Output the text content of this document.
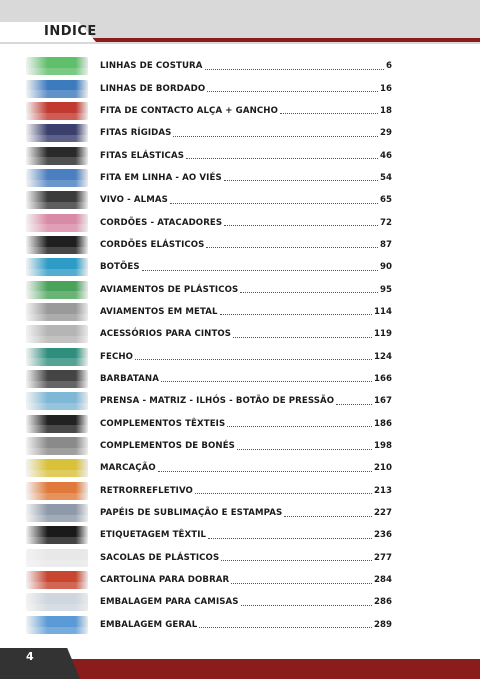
INDICE
LINHAS DE COSTURA	6
LINHAS DE BORDADO	16
FITA DE CONTACTO ALÇA + GANCHO	18
FITAS RÍGIDAS	29
FITAS ELÁSTICAS	46
FITA EM LINHA - AO VIÉS	54
VIVO - ALMAS	65
CORDÕES - ATACADORES	72
CORDÕES ELÁSTICOS	87
BOTÕES	90
AVIAMENTOS DE PLÁSTICOS	95
AVIAMENTOS EM METAL	114
ACESSÓRIOS PARA CINTOS	119
FECHO	124
BARBATANA	166
PRENSA - MATRIZ - ILHÓS - BOTÃO DE PRESSÃO	167
COMPLEMENTOS TÊXTEIS	186
COMPLEMENTOS DE BONÉS	198
MARCAÇÃO	210
RETRORREFLETIVO	213
PAPÉIS DE SUBLIMAÇÃO E ESTAMPAS	227
ETIQUETAGEM TÊXTIL	236
SACOLAS DE PLÁSTICOS	277
CARTOLINA PARA DOBRAR	284
EMBALAGEM PARA CAMISAS	286
EMBALAGEM GERAL	289
4
